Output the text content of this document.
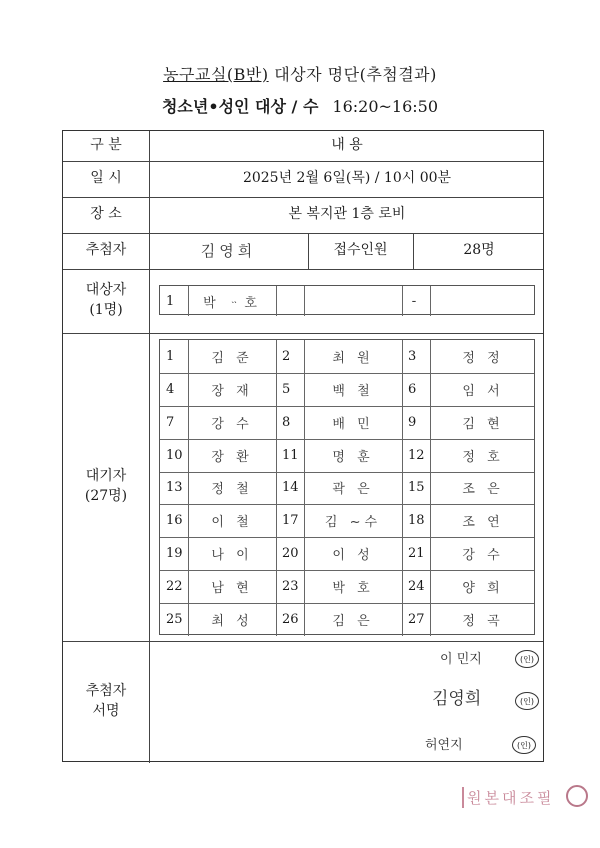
농구교실(B반) 대상자 명단(추첨결과)
청소년•성인 대상 / 수 16:20~16:50
구 분	내 용
일 시	2025년 2월 6일(목) / 10시 00분
장 소	본 복지관 1층 로비
추첨자	김영희	접수인원	28명
대상자
(1명)
1	박 ᆢ호	-
대기자
(27명)
1	김 준	2	최 원	3	정 정
4	장 재	5	백 철	6	임 서
7	강 수	8	배 민	9	김 현
10	장 환	11	명 훈	12	정 호
13	정 철	14	곽 은	15	조 은
16	이 철	17	김 ~수	18	조 연
19	나 이	20	이 성	21	강 수
22	남 현	23	박 호	24	양 희
25	최 성	26	김 은	27	정 곡
추첨자
서명
이 민지	(인)
김영희	(인)
허연지	(인)
원본대조필
